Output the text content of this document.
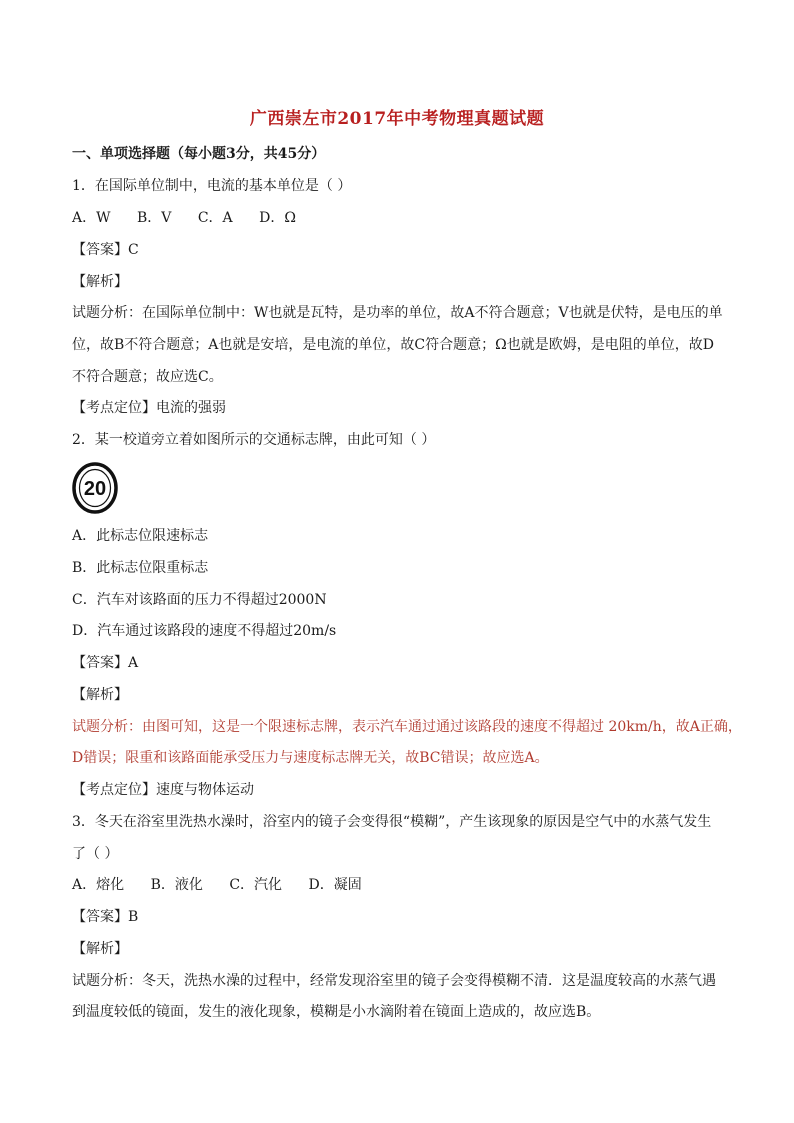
广西崇左市2017年中考物理真题试题
一、单项选择题（每小题3分，共45分）
1．在国际单位制中，电流的基本单位是（ ）
A．W B．V C．A D．Ω
【答案】C
【解析】
试题分析：在国际单位制中：W也就是瓦特，是功率的单位，故A不符合题意；V也就是伏特，是电压的单
位，故B不符合题意；A也就是安培，是电流的单位，故C符合题意；Ω也就是欧姆，是电阻的单位，故D
不符合题意；故应选C。
【考点定位】电流的强弱
2．某一校道旁立着如图所示的交通标志牌，由此可知（ ）
20
A．此标志位限速标志
B．此标志位限重标志
C．汽车对该路面的压力不得超过2000N
D．汽车通过该路段的速度不得超过20m/s
【答案】A
【解析】
试题分析：由图可知，这是一个限速标志牌，表示汽车通过通过该路段的速度不得超过 20km/h，故A正确，
D错误；限重和该路面能承受压力与速度标志牌无关，故BC错误；故应选A。
【考点定位】速度与物体运动
3．冬天在浴室里洗热水澡时，浴室内的镜子会变得很“模糊”，产生该现象的原因是空气中的水蒸气发生
了（ ）
A．熔化 B．液化 C．汽化 D．凝固
【答案】B
【解析】
试题分析：冬天，洗热水澡的过程中，经常发现浴室里的镜子会变得模糊不清．这是温度较高的水蒸气遇
到温度较低的镜面，发生的液化现象，模糊是小水滴附着在镜面上造成的，故应选B。
